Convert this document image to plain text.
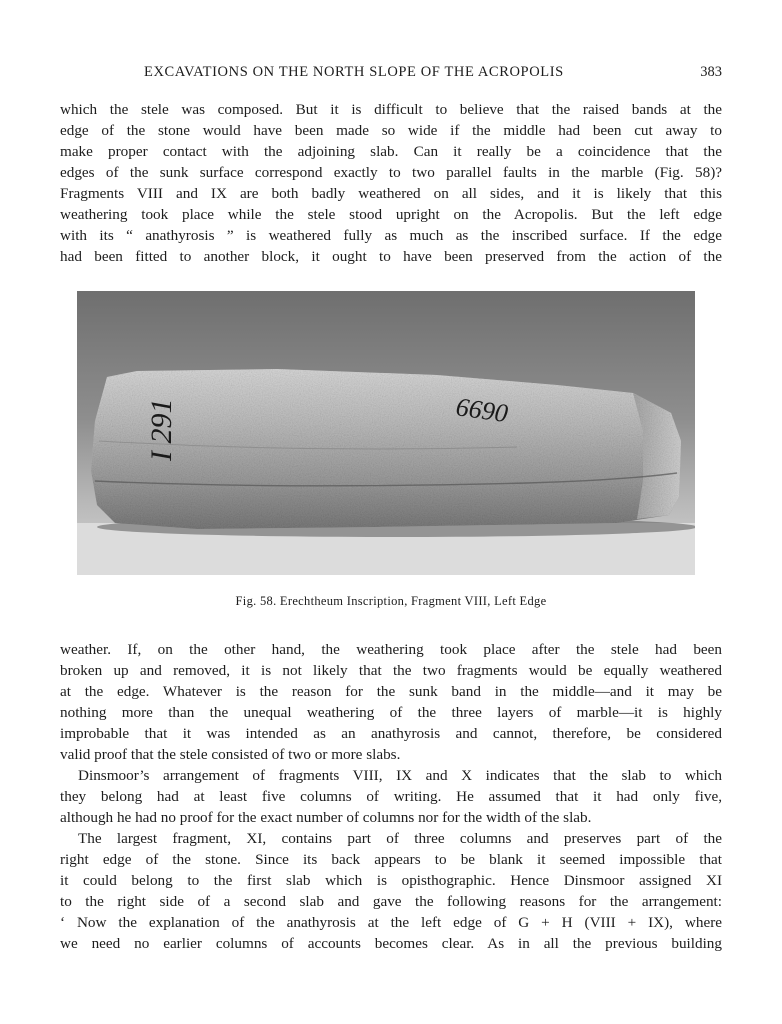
EXCAVATIONS ON THE NORTH SLOPE OF THE ACROPOLIS	383
which the stele was composed. But it is difficult to believe that the raised bands at the
edge of the stone would have been made so wide if the middle had been cut away to
make proper contact with the adjoining slab. Can it really be a coincidence that the
edges of the sunk surface correspond exactly to two parallel faults in the marble (Fig. 58)?
Fragments VIII and IX are both badly weathered on all sides, and it is likely that this
weathering took place while the stele stood upright on the Acropolis. But the left edge
with its “ anathyrosis ” is weathered fully as much as the inscribed surface. If the edge
had been fitted to another block, it ought to have been preserved from the action of the
I 291	6690
Fig. 58. Erechtheum Inscription, Fragment VIII, Left Edge
weather. If, on the other hand, the weathering took place after the stele had been
broken up and removed, it is not likely that the two fragments would be equally weathered
at the edge. Whatever is the reason for the sunk band in the middle—and it may be
nothing more than the unequal weathering of the three layers of marble—it is highly
improbable that it was intended as an anathyrosis and cannot, therefore, be considered
valid proof that the stele consisted of two or more slabs.
Dinsmoor’s arrangement of fragments VIII, IX and X indicates that the slab to which
they belong had at least five columns of writing. He assumed that it had only five,
although he had no proof for the exact number of columns nor for the width of the slab.
The largest fragment, XI, contains part of three columns and preserves part of the
right edge of the stone. Since its back appears to be blank it seemed impossible that
it could belong to the first slab which is opisthographic. Hence Dinsmoor assigned XI
to the right side of a second slab and gave the following reasons for the arrangement:
‘ Now the explanation of the anathyrosis at the left edge of G + H (VIII + IX), where
we need no earlier columns of accounts becomes clear. As in all the previous building
